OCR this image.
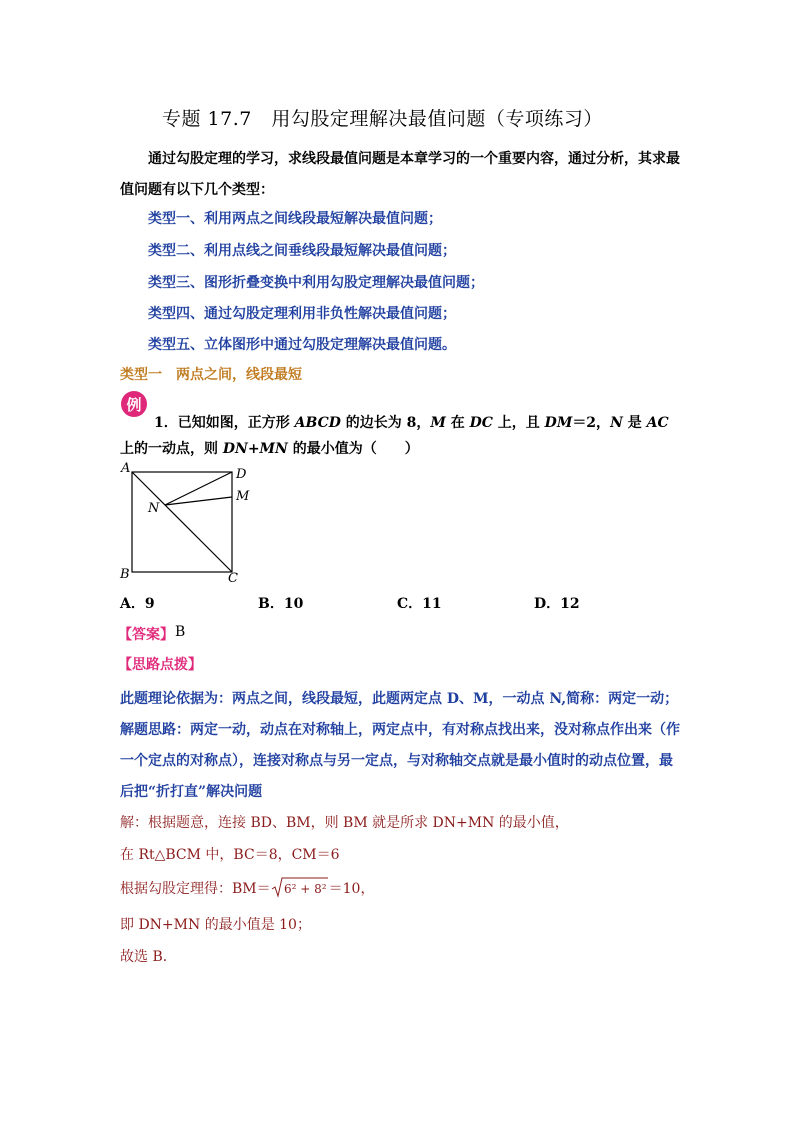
专题 17.7　用勾股定理解决最值问题（专项练习）
通过勾股定理的学习，求线段最值问题是本章学习的一个重要内容，通过分析，其求最值问题有以下几个类型：
类型一、利用两点之间线段最短解决最值问题；
类型二、利用点线之间垂线段最短解决最值问题；
类型三、图形折叠变换中利用勾股定理解决最值问题；
类型四、通过勾股定理利用非负性解决最值问题；
类型五、立体图形中通过勾股定理解决最值问题。
类型一　两点之间，线段最短
例
1．已知如图，正方形 ABCD 的边长为 8，M 在 DC 上，且 DM＝2，N 是 AC 上的一动点，则 DN+MN 的最小值为（　　）
A	D
M
N
B	C
A．9	B．10	C．11	D．12
【答案】 B
【思路点拨】
此题理论依据为：两点之间，线段最短，此题两定点 D、M，一动点 N,简称：两定一动；解题思路：两定一动，动点在对称轴上，两定点中，有对称点找出来，没对称点作出来（作一个定点的对称点），连接对称点与另一定点，与对称轴交点就是最小值时的动点位置，最后把“折打直”解决问题
解：根据题意，连接 BD、BM，则 BM 就是所求 DN+MN 的最小值，
在 Rt△BCM 中，BC＝8，CM＝6
根据勾股定理得：BM＝ 6² + 8² ＝10，
即 DN+MN 的最小值是 10；
故选 B．
